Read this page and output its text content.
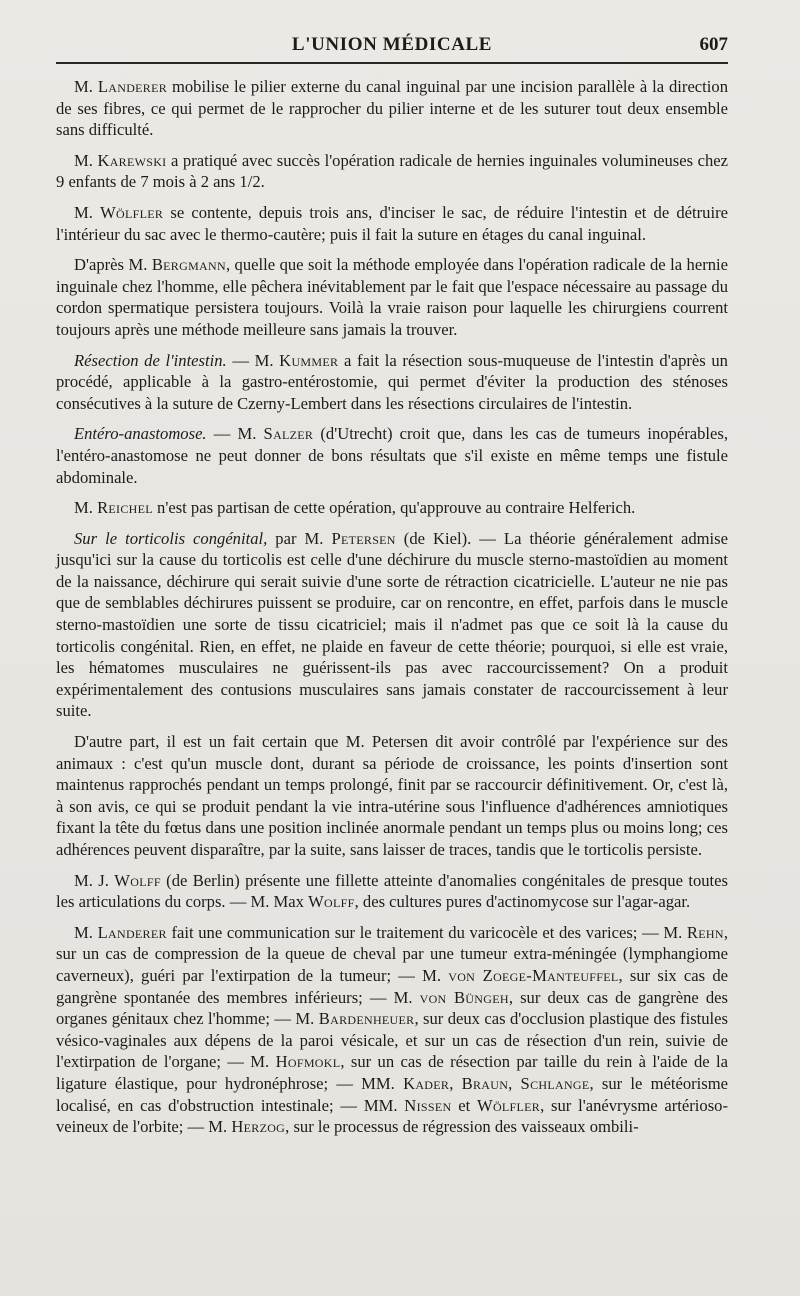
L'UNION MÉDICALE	607

M. Landerer mobilise le pilier externe du canal inguinal par une incision parallèle à la direction de ses fibres, ce qui permet de le rapprocher du pilier interne et de les suturer tout deux ensemble sans difficulté.

M. Karewski a pratiqué avec succès l'opération radicale de hernies inguinales volumineuses chez 9 enfants de 7 mois à 2 ans 1/2.

M. Wölfler se contente, depuis trois ans, d'inciser le sac, de réduire l'intestin et de détruire l'intérieur du sac avec le thermo-cautère; puis il fait la suture en étages du canal inguinal.

D'après M. Bergmann, quelle que soit la méthode employée dans l'opération radicale de la hernie inguinale chez l'homme, elle pêchera inévitablement par le fait que l'espace nécessaire au passage du cordon spermatique persistera toujours. Voilà la vraie raison pour laquelle les chirurgiens courrent toujours après une méthode meilleure sans jamais la trouver.

Résection de l'intestin. — M. Kummer a fait la résection sous-muqueuse de l'intestin d'après un procédé, applicable à la gastro-entérostomie, qui permet d'éviter la production des sténoses consécutives à la suture de Czerny-Lembert dans les résections circulaires de l'intestin.

Entéro-anastomose. — M. Salzer (d'Utrecht) croit que, dans les cas de tumeurs inopérables, l'entéro-anastomose ne peut donner de bons résultats que s'il existe en même temps une fistule abdominale.

M. Reichel n'est pas partisan de cette opération, qu'approuve au contraire Helferich.

Sur le torticolis congénital, par M. Petersen (de Kiel). — La théorie généralement admise jusqu'ici sur la cause du torticolis est celle d'une déchirure du muscle sterno-mastoïdien au moment de la naissance, déchirure qui serait suivie d'une sorte de rétraction cicatricielle. L'auteur ne nie pas que de semblables déchirures puissent se produire, car on rencontre, en effet, parfois dans le muscle sterno-mastoïdien une sorte de tissu cicatriciel; mais il n'admet pas que ce soit là la cause du torticolis congénital. Rien, en effet, ne plaide en faveur de cette théorie; pourquoi, si elle est vraie, les hématomes musculaires ne guérissent-ils pas avec raccourcissement? On a produit expérimentalement des contusions musculaires sans jamais constater de raccourcissement à leur suite.

D'autre part, il est un fait certain que M. Petersen dit avoir contrôlé par l'expérience sur des animaux : c'est qu'un muscle dont, durant sa période de croissance, les points d'insertion sont maintenus rapprochés pendant un temps prolongé, finit par se raccourcir définitivement. Or, c'est là, à son avis, ce qui se produit pendant la vie intra-utérine sous l'influence d'adhérences amniotiques fixant la tête du fœtus dans une position inclinée anormale pendant un temps plus ou moins long; ces adhérences peuvent disparaître, par la suite, sans laisser de traces, tandis que le torticolis persiste.

M. J. Wolff (de Berlin) présente une fillette atteinte d'anomalies congénitales de presque toutes les articulations du corps. — M. Max Wolff, des cultures pures d'actinomycose sur l'agar-agar.

M. Landerer fait une communication sur le traitement du varicocèle et des varices; — M. Rehn, sur un cas de compression de la queue de cheval par une tumeur extra-méningée (lymphangiome caverneux), guéri par l'extirpation de la tumeur; — M. von Zoege-Manteuffel, sur six cas de gangrène spontanée des membres inférieurs; — M. von Büngeh, sur deux cas de gangrène des organes génitaux chez l'homme; — M. Bardenheuer, sur deux cas d'occlusion plastique des fistules vésico-vaginales aux dépens de la paroi vésicale, et sur un cas de résection d'un rein, suivie de l'extirpation de l'organe; — M. Hofmokl, sur un cas de résection par taille du rein à l'aide de la ligature élastique, pour hydronéphrose; — MM. Kader, Braun, Schlange, sur le météorisme localisé, en cas d'obstruction intestinale; — MM. Nissen et Wölfler, sur l'anévrysme artérioso-veineux de l'orbite; — M. Herzog, sur le processus de régression des vaisseaux ombili-
